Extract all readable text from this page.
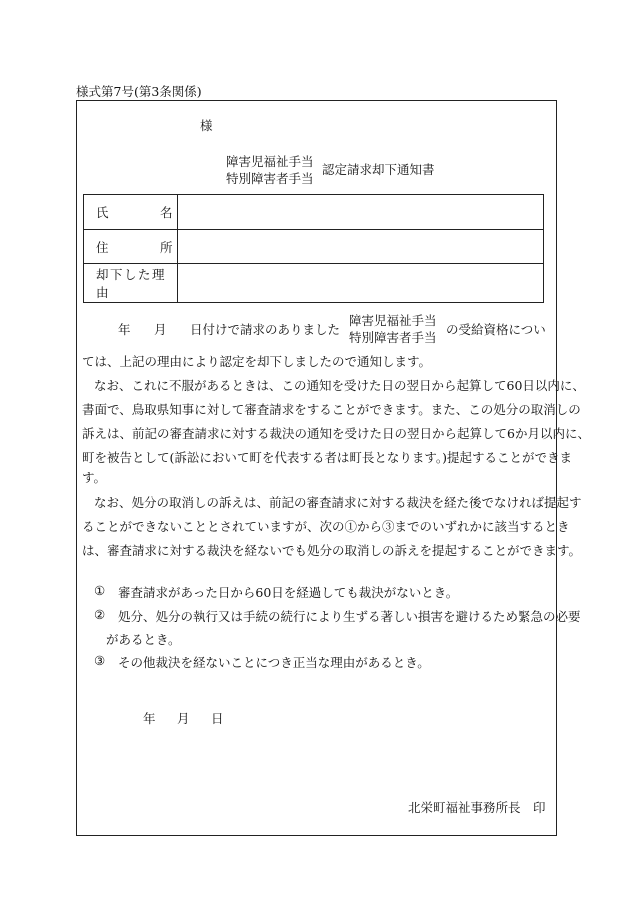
様式第7号(第3条関係)
様
障害児福祉手当
特別障害者手当
認定請求却下通知書
氏	名
住	所
却下した理由
年 月 日付けで請求のありました
障害児福祉手当
特別障害者手当
の受給資格につい
ては、上記の理由により認定を却下しましたので通知します。
なお、これに不服があるときは、この通知を受けた日の翌日から起算して60日以内に、
書面で、鳥取県知事に対して審査請求をすることができます。また、この処分の取消しの
訴えは、前記の審査請求に対する裁決の通知を受けた日の翌日から起算して6か月以内に、
町を被告として(訴訟において町を代表する者は町長となります。)提起することができま
す。
なお、処分の取消しの訴えは、前記の審査請求に対する裁決を経た後でなければ提起す
ることができないこととされていますが、次の①から③までのいずれかに該当するとき
は、審査請求に対する裁決を経ないでも処分の取消しの訴えを提起することができます。
① 審査請求があった日から60日を経過しても裁決がないとき。
② 処分、処分の執行又は手続の続行により生ずる著しい損害を避けるため緊急の必要
があるとき。
③ その他裁決を経ないことにつき正当な理由があるとき。
年 月 日
北栄町福祉事務所長　印
